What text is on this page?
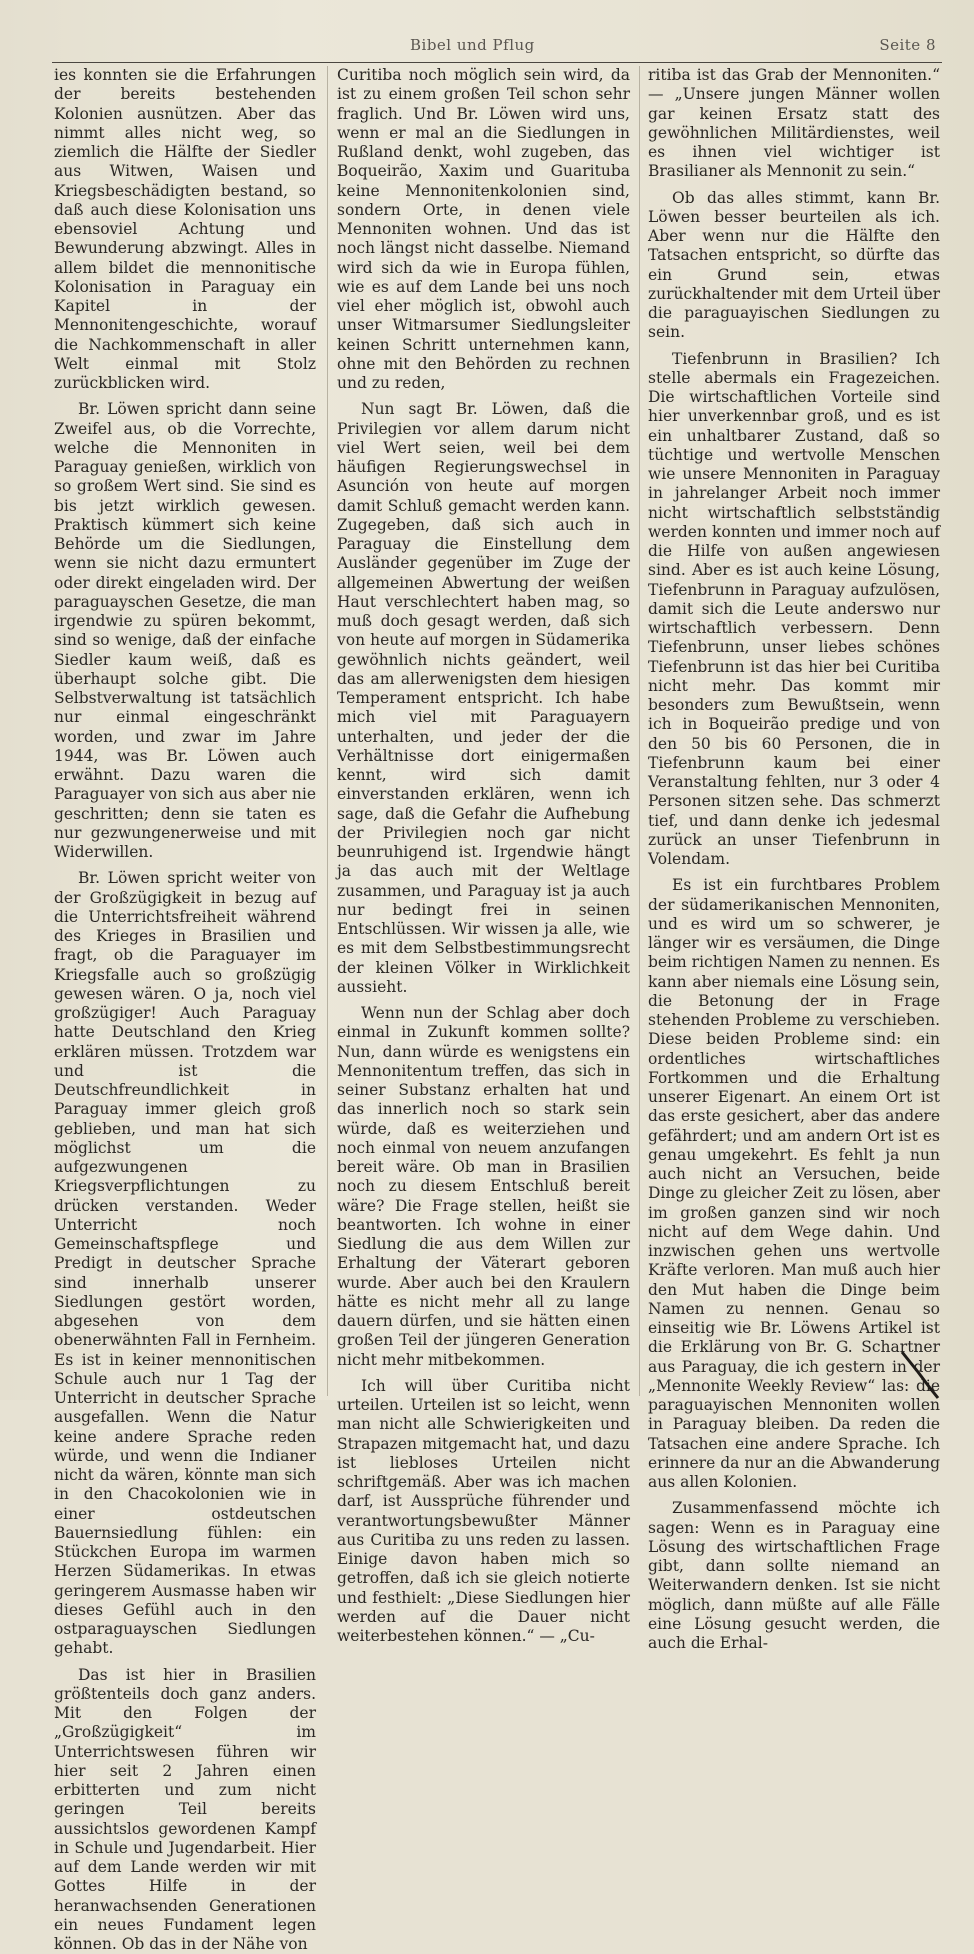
Bibel und Pflug	Seite 8

ies konnten sie die Erfahrungen der bereits bestehenden Kolonien ausnützen. Aber das nimmt alles nicht weg, so ziemlich die Hälfte der Siedler aus Witwen, Waisen und Kriegsbeschädigten bestand, so daß auch diese Kolonisation uns ebensoviel Achtung und Bewunderung abzwingt. Alles in allem bildet die mennonitische Kolonisation in Paraguay ein Kapitel in der Mennonitengeschichte, worauf die Nachkommenschaft in aller Welt einmal mit Stolz zurückblicken wird.

Br. Löwen spricht dann seine Zweifel aus, ob die Vorrechte, welche die Mennoniten in Paraguay genießen, wirklich von so großem Wert sind. Sie sind es bis jetzt wirklich gewesen. Praktisch kümmert sich keine Behörde um die Siedlungen, wenn sie nicht dazu ermuntert oder direkt eingeladen wird. Der paraguayschen Gesetze, die man irgendwie zu spüren bekommt, sind so wenige, daß der einfache Siedler kaum weiß, daß es überhaupt solche gibt. Die Selbstverwaltung ist tatsächlich nur einmal eingeschränkt worden, und zwar im Jahre 1944, was Br. Löwen auch erwähnt. Dazu waren die Paraguayer von sich aus aber nie geschritten; denn sie taten es nur gezwungenerweise und mit Widerwillen.

Br. Löwen spricht weiter von der Großzügigkeit in bezug auf die Unterrichtsfreiheit während des Krieges in Brasilien und fragt, ob die Paraguayer im Kriegsfalle auch so großzügig gewesen wären. O ja, noch viel großzügiger! Auch Paraguay hatte Deutschland den Krieg erklären müssen. Trotzdem war und ist die Deutschfreundlichkeit in Paraguay immer gleich groß geblieben, und man hat sich möglichst um die aufgezwungenen Kriegsverpflichtungen zu drücken verstanden. Weder Unterricht noch Gemeinschaftspflege und Predigt in deutscher Sprache sind innerhalb unserer Siedlungen gestört worden, abgesehen von dem obenerwähnten Fall in Fernheim. Es ist in keiner mennonitischen Schule auch nur 1 Tag der Unterricht in deutscher Sprache ausgefallen. Wenn die Natur keine andere Sprache reden würde, und wenn die Indianer nicht da wären, könnte man sich in den Chacokolonien wie in einer ostdeutschen Bauernsiedlung fühlen: ein Stückchen Europa im warmen Herzen Südamerikas. In etwas geringerem Ausmasse haben wir dieses Gefühl auch in den ostparaguayschen Siedlungen gehabt.

Das ist hier in Brasilien größtenteils doch ganz anders. Mit den Folgen der „Großzügigkeit“ im Unterrichtswesen führen wir hier seit 2 Jahren einen erbitterten und zum nicht geringen Teil bereits aussichtslos gewordenen Kampf in Schule und Jugendarbeit. Hier auf dem Lande werden wir mit Gottes Hilfe in der heranwachsenden Generationen ein neues Fundament legen können. Ob das in der Nähe von

Curitiba noch möglich sein wird, da ist zu einem großen Teil schon sehr fraglich. Und Br. Löwen wird uns, wenn er mal an die Siedlungen in Rußland denkt, wohl zugeben, das Boqueirão, Xaxim und Guarituba keine Mennonitenkolonien sind, sondern Orte, in denen viele Mennoniten wohnen. Und das ist noch längst nicht dasselbe. Niemand wird sich da wie in Europa fühlen, wie es auf dem Lande bei uns noch viel eher möglich ist, obwohl auch unser Witmarsumer Siedlungsleiter keinen Schritt unternehmen kann, ohne mit den Behörden zu rechnen und zu reden,

Nun sagt Br. Löwen, daß die Privilegien vor allem darum nicht viel Wert seien, weil bei dem häufigen Regierungswechsel in Asunción von heute auf morgen damit Schluß gemacht werden kann. Zugegeben, daß sich auch in Paraguay die Einstellung dem Ausländer gegenüber im Zuge der allgemeinen Abwertung der weißen Haut verschlechtert haben mag, so muß doch gesagt werden, daß sich von heute auf morgen in Südamerika gewöhnlich nichts geändert, weil das am allerwenigsten dem hiesigen Temperament entspricht. Ich habe mich viel mit Paraguayern unterhalten, und jeder der die Verhältnisse dort einigermaßen kennt, wird sich damit einverstanden erklären, wenn ich sage, daß die Gefahr die Aufhebung der Privilegien noch gar nicht beunruhigend ist. Irgendwie hängt ja das auch mit der Weltlage zusammen, und Paraguay ist ja auch nur bedingt frei in seinen Entschlüssen. Wir wissen ja alle, wie es mit dem Selbstbestimmungsrecht der kleinen Völker in Wirklichkeit aussieht.

Wenn nun der Schlag aber doch einmal in Zukunft kommen sollte? Nun, dann würde es wenigstens ein Mennonitentum treffen, das sich in seiner Substanz erhalten hat und das innerlich noch so stark sein würde, daß es weiterziehen und noch einmal von neuem anzufangen bereit wäre. Ob man in Brasilien noch zu diesem Entschluß bereit wäre? Die Frage stellen, heißt sie beantworten. Ich wohne in einer Siedlung die aus dem Willen zur Erhaltung der Väterart geboren wurde. Aber auch bei den Kraulern hätte es nicht mehr all zu lange dauern dürfen, und sie hätten einen großen Teil der jüngeren Generation nicht mehr mitbekommen.

Ich will über Curitiba nicht urteilen. Urteilen ist so leicht, wenn man nicht alle Schwierigkeiten und Strapazen mitgemacht hat, und dazu ist liebloses Urteilen nicht schriftgemäß. Aber was ich machen darf, ist Aussprüche führender und verantwortungsbewußter Männer aus Curitiba zu uns reden zu lassen. Einige davon haben mich so getroffen, daß ich sie gleich notierte und festhielt: „Diese Siedlungen hier werden auf die Dauer nicht weiterbestehen können.“ — „Cu-

ritiba ist das Grab der Mennoniten.“ — „Unsere jungen Männer wollen gar keinen Ersatz statt des gewöhnlichen Militärdienstes, weil es ihnen viel wichtiger ist Brasilianer als Mennonit zu sein.“

Ob das alles stimmt, kann Br. Löwen besser beurteilen als ich. Aber wenn nur die Hälfte den Tatsachen entspricht, so dürfte das ein Grund sein, etwas zurückhaltender mit dem Urteil über die paraguayischen Siedlungen zu sein.

Tiefenbrunn in Brasilien? Ich stelle abermals ein Fragezeichen. Die wirtschaftlichen Vorteile sind hier unverkennbar groß, und es ist ein unhaltbarer Zustand, daß so tüchtige und wertvolle Menschen wie unsere Mennoniten in Paraguay in jahrelanger Arbeit noch immer nicht wirtschaftlich selbstständig werden konnten und immer noch auf die Hilfe von außen angewiesen sind. Aber es ist auch keine Lösung, Tiefenbrunn in Paraguay aufzulösen, damit sich die Leute anderswo nur wirtschaftlich verbessern. Denn Tiefenbrunn, unser liebes schönes Tiefenbrunn ist das hier bei Curitiba nicht mehr. Das kommt mir besonders zum Bewußtsein, wenn ich in Boqueirão predige und von den 50 bis 60 Personen, die in Tiefenbrunn kaum bei einer Veranstaltung fehlten, nur 3 oder 4 Personen sitzen sehe. Das schmerzt tief, und dann denke ich jedesmal zurück an unser Tiefenbrunn in Volendam.

Es ist ein furchtbares Problem der südamerikanischen Mennoniten, und es wird um so schwerer, je länger wir es versäumen, die Dinge beim richtigen Namen zu nennen. Es kann aber niemals eine Lösung sein, die Betonung der in Frage stehenden Probleme zu verschieben. Diese beiden Probleme sind: ein ordentliches wirtschaftliches Fortkommen und die Erhaltung unserer Eigenart. An einem Ort ist das erste gesichert, aber das andere gefährdert; und am andern Ort ist es genau umgekehrt. Es fehlt ja nun auch nicht an Versuchen, beide Dinge zu gleicher Zeit zu lösen, aber im großen ganzen sind wir noch nicht auf dem Wege dahin. Und inzwischen gehen uns wertvolle Kräfte verloren. Man muß auch hier den Mut haben die Dinge beim Namen zu nennen. Genau so einseitig wie Br. Löwens Artikel ist die Erklärung von Br. G. Schartner aus Paraguay, die ich gestern in der „Mennonite Weekly Review“ las: die paraguayischen Mennoniten wollen in Paraguay bleiben. Da reden die Tatsachen eine andere Sprache. Ich erinnere da nur an die Abwanderung aus allen Kolonien.

Zusammenfassend möchte ich sagen: Wenn es in Paraguay eine Lösung des wirtschaftlichen Frage gibt, dann sollte niemand an Weiterwandern denken. Ist sie nicht möglich, dann müßte auf alle Fälle eine Lösung gesucht werden, die auch die Erhal-
